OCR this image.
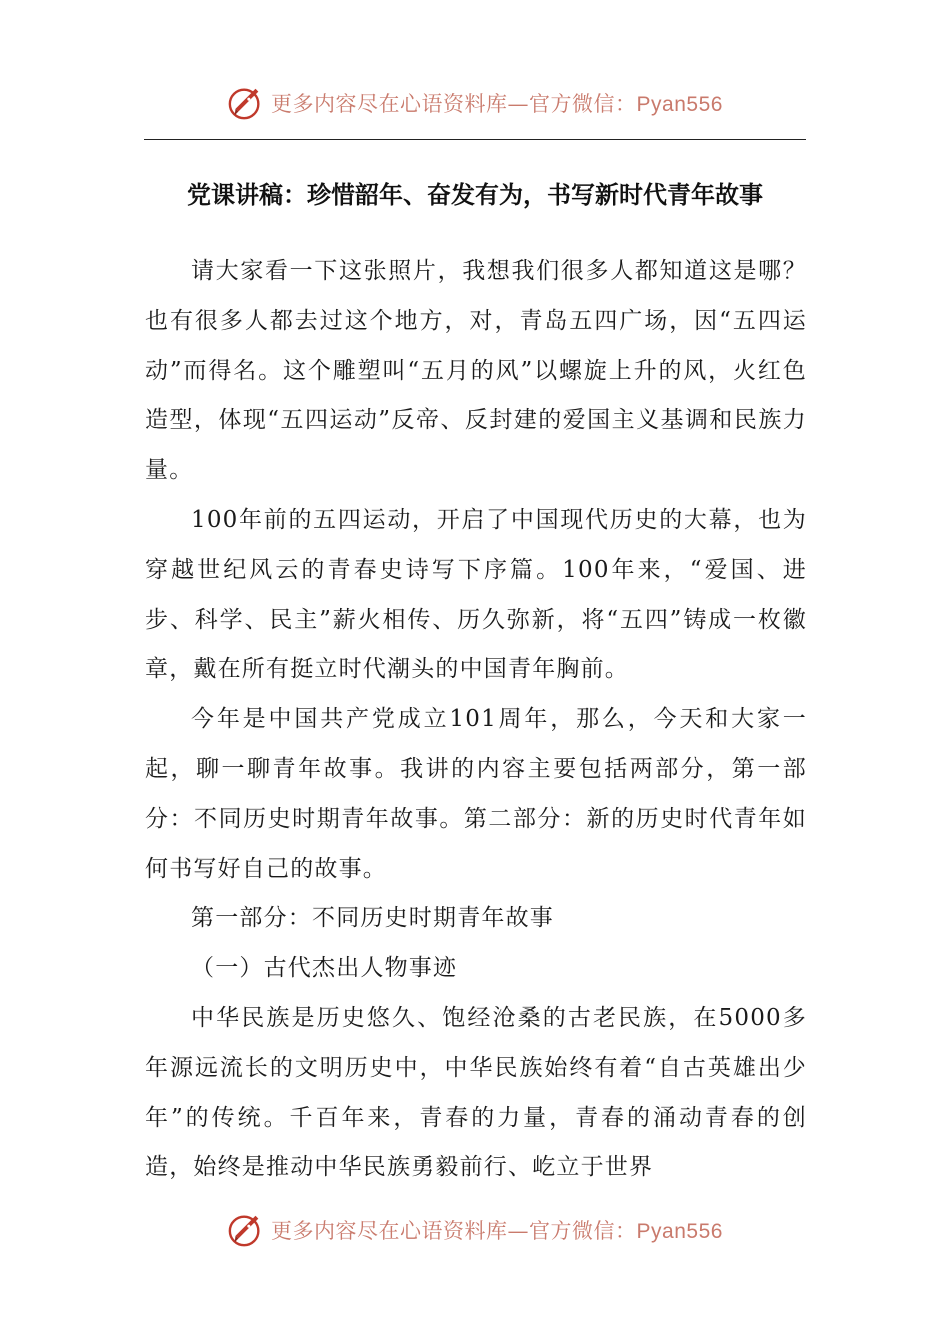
更多内容尽在心语资料库—官方微信：Pyan556
党课讲稿：珍惜韶年、奋发有为，书写新时代青年故事

请大家看一下这张照片，我想我们很多人都知道这是哪？也有很多人都去过这个地方，对，青岛五四广场，因“五四运动”而得名。这个雕塑叫“五月的风”以螺旋上升的风，火红色造型，体现“五四运动”反帝、反封建的爱国主义基调和民族力量。

100年前的五四运动，开启了中国现代历史的大幕，也为穿越世纪风云的青春史诗写下序篇。100年来，“爱国、进步、科学、民主”薪火相传、历久弥新，将“五四”铸成一枚徽章，戴在所有挺立时代潮头的中国青年胸前。

今年是中国共产党成立101周年，那么，今天和大家一起，聊一聊青年故事。我讲的内容主要包括两部分，第一部分：不同历史时期青年故事。第二部分：新的历史时代青年如何书写好自己的故事。

第一部分：不同历史时期青年故事

（一）古代杰出人物事迹

中华民族是历史悠久、饱经沧桑的古老民族，在5000多年源远流长的文明历史中，中华民族始终有着“自古英雄出少年”的传统。千百年来，青春的力量，青春的涌动青春的创造，始终是推动中华民族勇毅前行、屹立于世界

更多内容尽在心语资料库—官方微信：Pyan556
